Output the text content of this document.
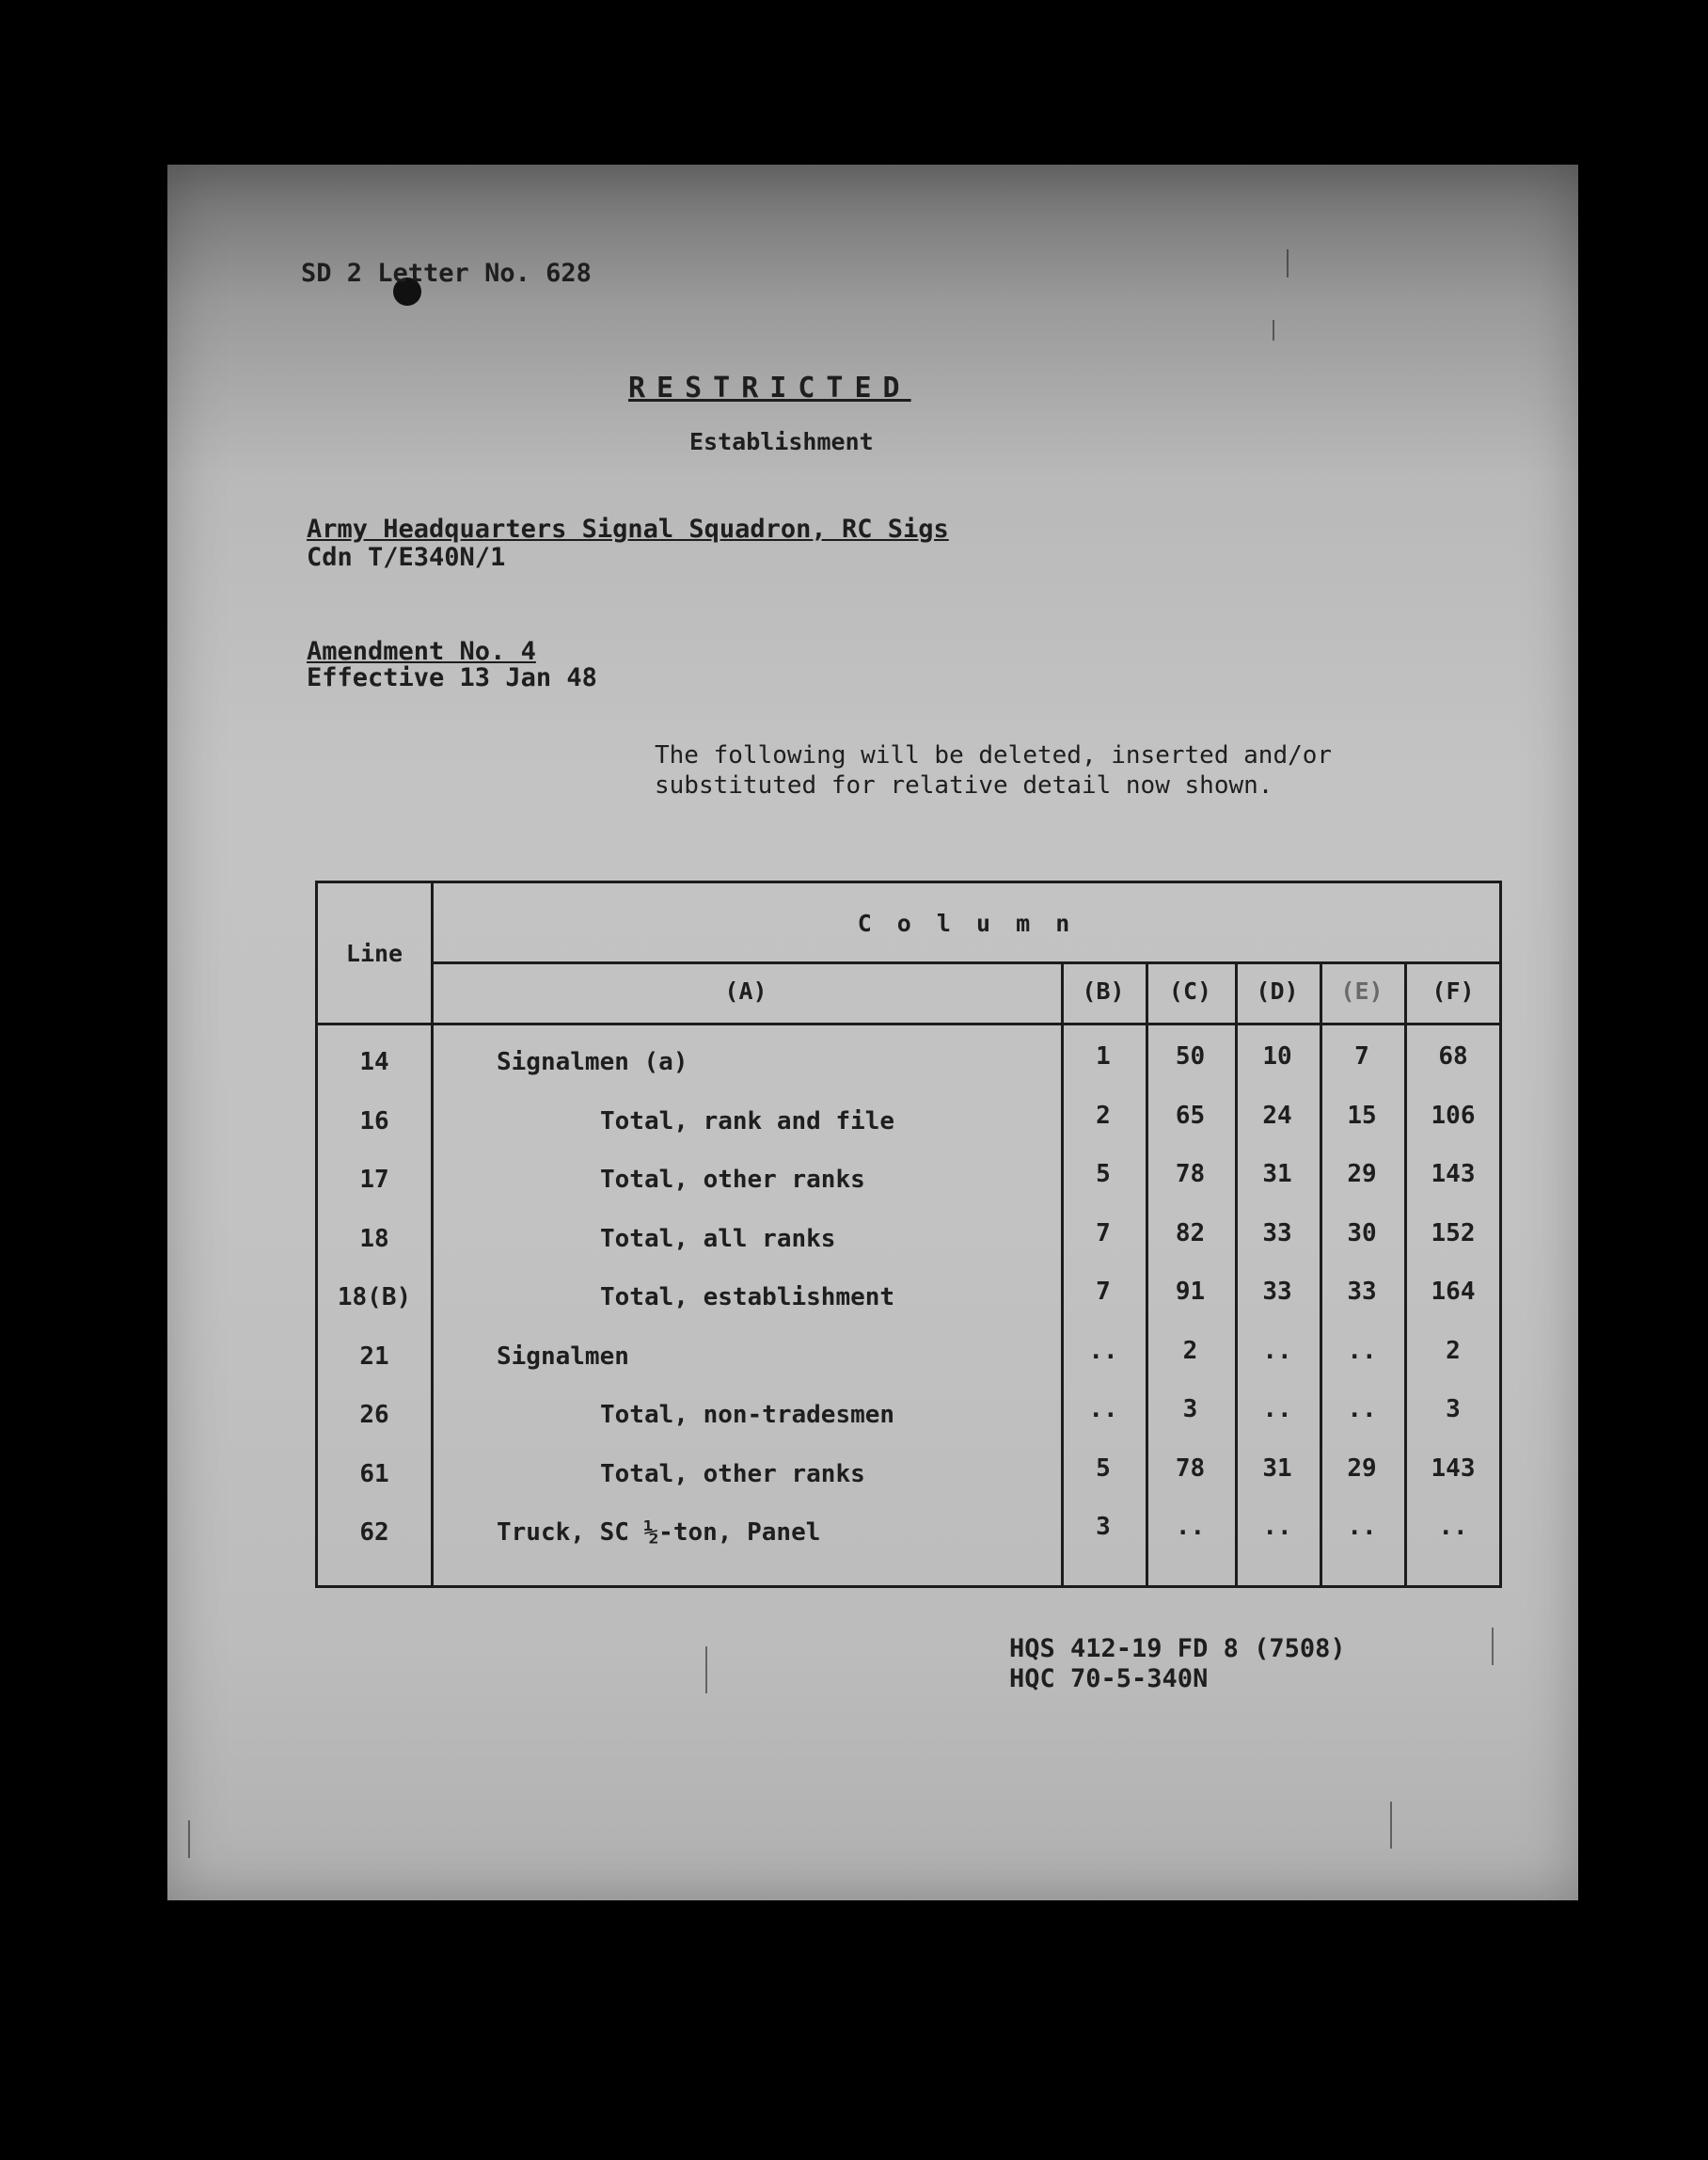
SD 2 Letter No. 628
RESTRICTED
Establishment
Army Headquarters Signal Squadron, RC Sigs
Cdn T/E340N/1
Amendment No. 4
Effective 13 Jan 48
The following will be deleted, inserted and/or substituted for relative detail now shown.
Line
C o l u m n
(A)	(B)	(C)	(D)	(E)	(F)
14	Signalmen (a)	1	50	10	7	68
16	Total, rank and file	2	65	24	15	106
17	Total, other ranks	5	78	31	29	143
18	Total, all ranks	7	82	33	30	152
18(B)	Total, establishment	7	91	33	33	164
21	Signalmen	..	2	..	..	2
26	Total, non-tradesmen	..	3	..	..	3
61	Total, other ranks	5	78	31	29	143
62	Truck, SC ½-ton, Panel	3	..	..	..	..
HQS 412-19 FD 8 (7508)
HQC 70-5-340N
